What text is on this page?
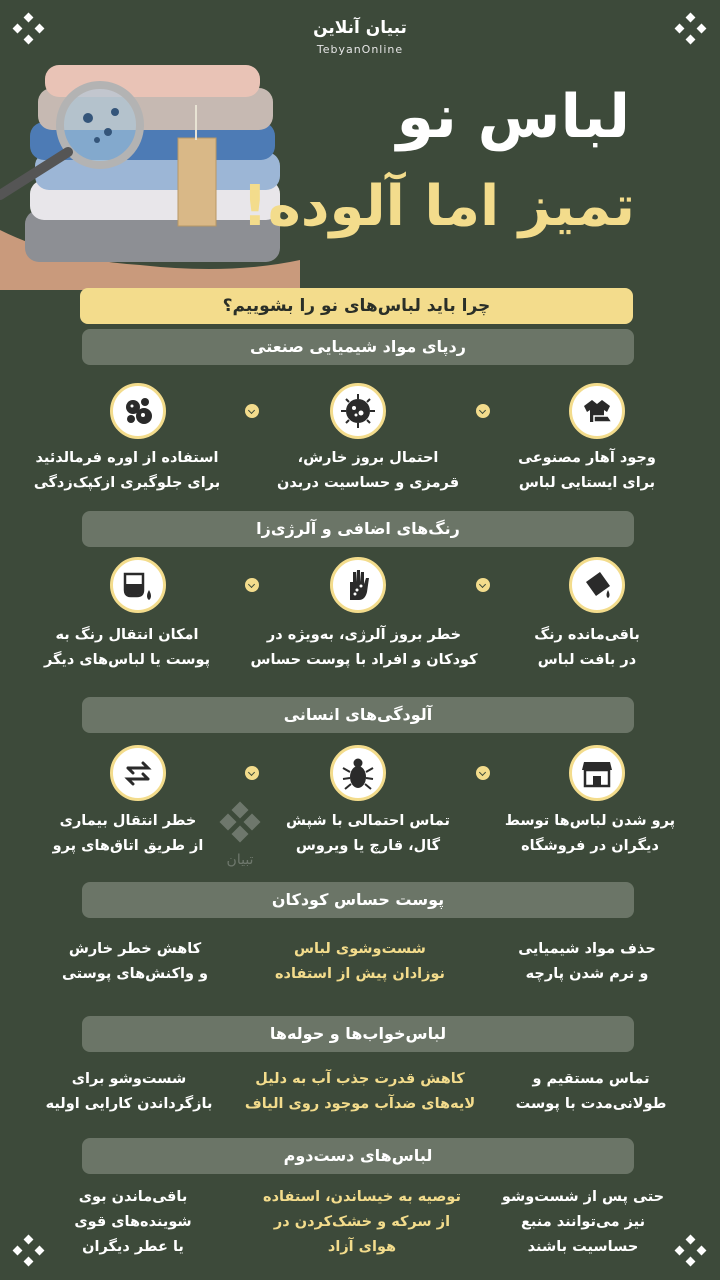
تبیان آنلاین
TebyanOnline
لباس نو
تمیز اما آلوده!
چرا باید لباس‌های نو را بشوییم؟
ردپای مواد شیمیایی صنعتی
وجود آهار مصنوعی
برای ایستایی لباس
احتمال بروز خارش،
قرمزی و حساسیت دربدن
استفاده از اوره فرمالدئید
برای جلوگیری ازکپک‌زدگی
رنگ‌های اضافی و آلرژی‌زا
باقی‌مانده رنگ
در بافت لباس
خطر بروز آلرژی، به‌ویژه در
کودکان و افراد با پوست حساس
امکان انتقال رنگ به
پوست یا لباس‌های دیگر
آلودگی‌های انسانی
تبیان
پرو شدن لباس‌ها توسط
دیگران در فروشگاه
تماس احتمالی با شپش
گال، قارچ یا ویروس
خطر انتقال بیماری
از طریق اتاق‌های پرو
پوست حساس کودکان
حذف مواد شیمیایی
و نرم شدن پارچه
شست‌وشوی لباس
نوزادان پیش از استفاده
کاهش خطر خارش
و واکنش‌های پوستی
لباس‌خواب‌ها و حوله‌ها
تماس مستقیم و
طولانی‌مدت با پوست
کاهش قدرت جذب آب به دلیل
لایه‌های ضدآب موجود روی الیاف
شست‌وشو برای
بازگرداندن کارایی اولیه
لباس‌های دست‌دوم
حتی پس از شست‌وشو
نیز می‌توانند منبع
حساسیت باشند
توصیه به خیساندن، استفاده
از سرکه و خشک‌کردن در
هوای آزاد
باقی‌ماندن بوی
شوینده‌های قوی
یا عطر دیگران
